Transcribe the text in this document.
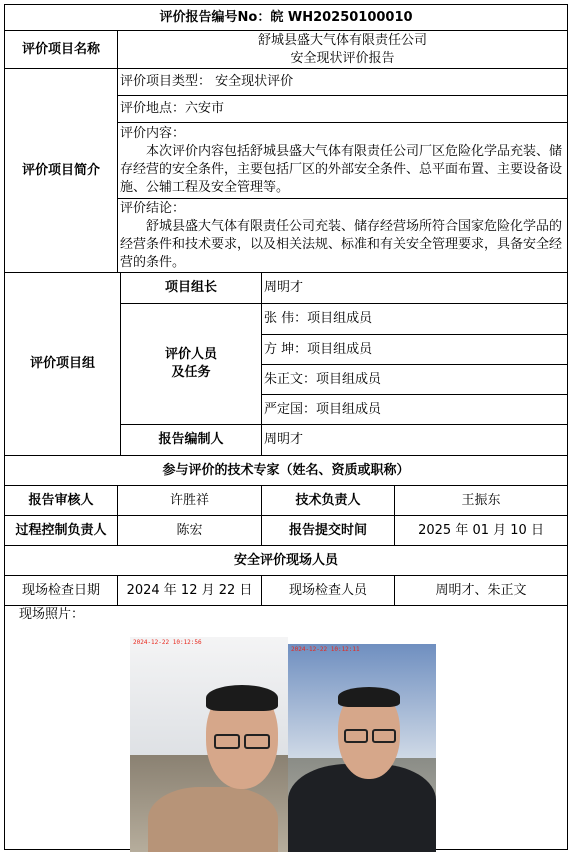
评价报告编号No：皖 WH20250100010				
评价项目名称	舒城县盛大气体有限责任公司
安全现状评价报告			

评价项目简介	评价项目类型： 安全现状评价			
	评价地点：六安市			

	评价内容：
本次评价内容包括舒城县盛大气体有限责任公司厂区危险化学品充装、储存经营的安全条件，主要包括厂区的外部安全条件、总平面布置、主要设备设施、公辅工程及安全管理等。			

	评价结论：
舒城县盛大气体有限责任公司充装、储存经营场所符合国家危险化学品的经营条件和技术要求，以及相关法规、标准和有关安全管理要求，具备安全经营的条件。			

评价项目组		项目组长	周明才	

		评价人员
及任务	张 伟：项目组成员	
			方 坤：项目组成员	
			朱正文：项目组成员	
			严定国：项目组成员	
		报告编制人	周明才	
参与评价的技术专家（姓名、资质或职称）				
报告审核人	许胜祥		技术负责人	王振东
过程控制负责人	陈宏		报告提交时间	2025 年 01 月 10 日
安全评价现场人员				
现场检查日期	2024 年 12 月 22 日		现场检查人员	周明才、朱正文

现场照片：				
2024-12-22 10:12:56
2024-12-22 10:12:11
